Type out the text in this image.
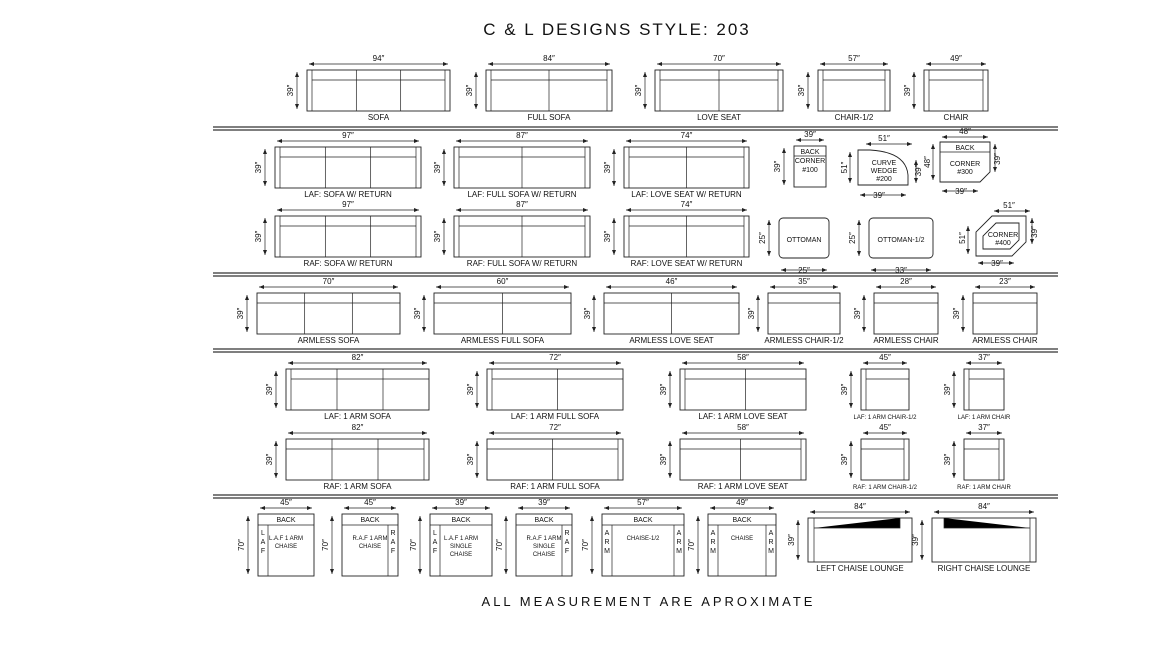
C & L DESIGNS STYLE: 203
94″
39″
SOFA
84″
39″
FULL SOFA
70″
39″
LOVE SEAT
57″
39″
CHAIR-1/2
49″
39″
CHAIR
97″
39″
LAF: SOFA W/ RETURN
87″
39″
LAF: FULL SOFA W/ RETURN
74″
39″
LAF: LOVE SEAT W/ RETURN
BACK
CORNER
#100
39″
39″	CURVE
WEDGE
#200
51″
39″
51″	39″
BACK
CORNER
#300
48″
39″
48″	39″
97″
39″
RAF: SOFA W/ RETURN
87″
39″
RAF: FULL SOFA W/ RETURN
74″
39″
RAF: LOVE SEAT W/ RETURN
OTTOMAN
25″
25″	OTTOMAN-1/2
33″
25″	CORNER
#400
51″
39″
51″
39″
70″
39″
ARMLESS SOFA
60″
39″
ARMLESS FULL SOFA
46″
39″
ARMLESS LOVE SEAT
35″
39″
ARMLESS CHAIR-1/2
28″
39″
ARMLESS CHAIR
23″
39″
ARMLESS CHAIR
82″
39″
LAF: 1 ARM SOFA
72″
39″
LAF: 1 ARM FULL SOFA
58″
39″
LAF: 1 ARM LOVE SEAT
45″
39″
LAF: 1 ARM CHAIR-1/2
37″
39″
LAF: 1 ARM CHAIR
82″
39″
RAF: 1 ARM SOFA
72″
39″
RAF: 1 ARM FULL SOFA
58″
39″
RAF: 1 ARM LOVE SEAT
45″
39″
RAF: 1 ARM CHAIR-1/2
37″
39″
RAF: 1 ARM CHAIR
BACK
L.A.F 1 ARM
CHAISE
L
A
F
45″
70″
BACK
R.A.F 1 ARM
CHAISE
R
A
F
45″
70″
BACK
L.A.F 1 ARM
SINGLE
CHAISE
L
A
F
39″
70″
BACK
R.A.F 1 ARM
SINGLE
CHAISE
R
A
F
39″
70″
BACK
CHAISE-1/2
A
R
M
A
R
M
57″
70″
BACK
CHAISE
A
R
M
A
R
M
49″
70″
84″
39″
LEFT CHAISE LOUNGE
84″
39″
RIGHT CHAISE LOUNGE
ALL MEASUREMENT ARE APROXIMATE
